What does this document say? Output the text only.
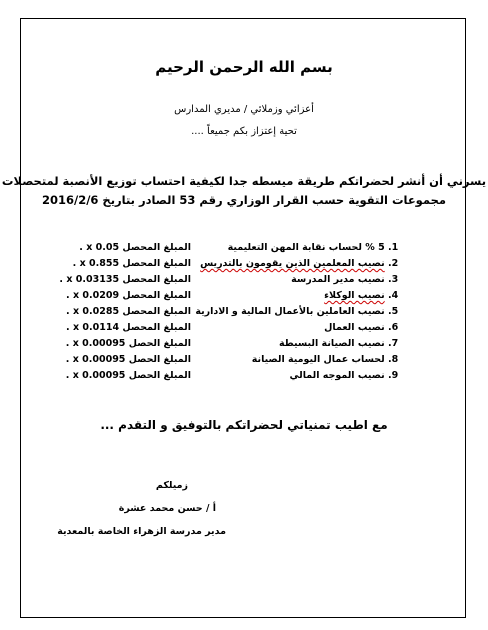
بسم الله الرحمن الرحيم
أعزائي وزملائي / مديري المدارس
تحية إعتزاز بكم جميعاً ....
يسرني أن أنشر لحضراتكم طريقة ميسطه جدا لكيفية احتساب توزيع الأنصبة لمتحصلات
مجموعات التقوية حسب القرار الوزاري رقم 53 الصادر بتاريخ 2016/2/6
1. 5 % لحساب نقابة المهن التعليمية
2. نصيب المعلمين الذين يقومون بالتدريس
3. نصيب مدير المدرسة
4. نصيب الوكلاء
5. نصيب العاملين بالأعمال المالية و الادارية
6. نصيب العمال
7. نصيب الصيانة البسيطة
8. لحساب عمال اليومية الصيانة
9. نصيب الموجه المالي
المبلغ المحصل x 0.05 .
المبلغ المحصل x 0.855 .
المبلغ المحصل x 0.03135 .
المبلغ المحصل x 0.0209 .
المبلغ المحصل x 0.0285 .
المبلغ المحصل x 0.0114 .
المبلغ الحصل x 0.00095 .
المبلغ الحصل x 0.00095 .
المبلغ الحصل x 0.00095 .
مع اطيب تمنياتي لحضراتكم بالتوفيق و التقدم ...
زميلكم
أ / حسن محمد عشرة
مدير مدرسة الزهراء الخاصة بالمعدية
